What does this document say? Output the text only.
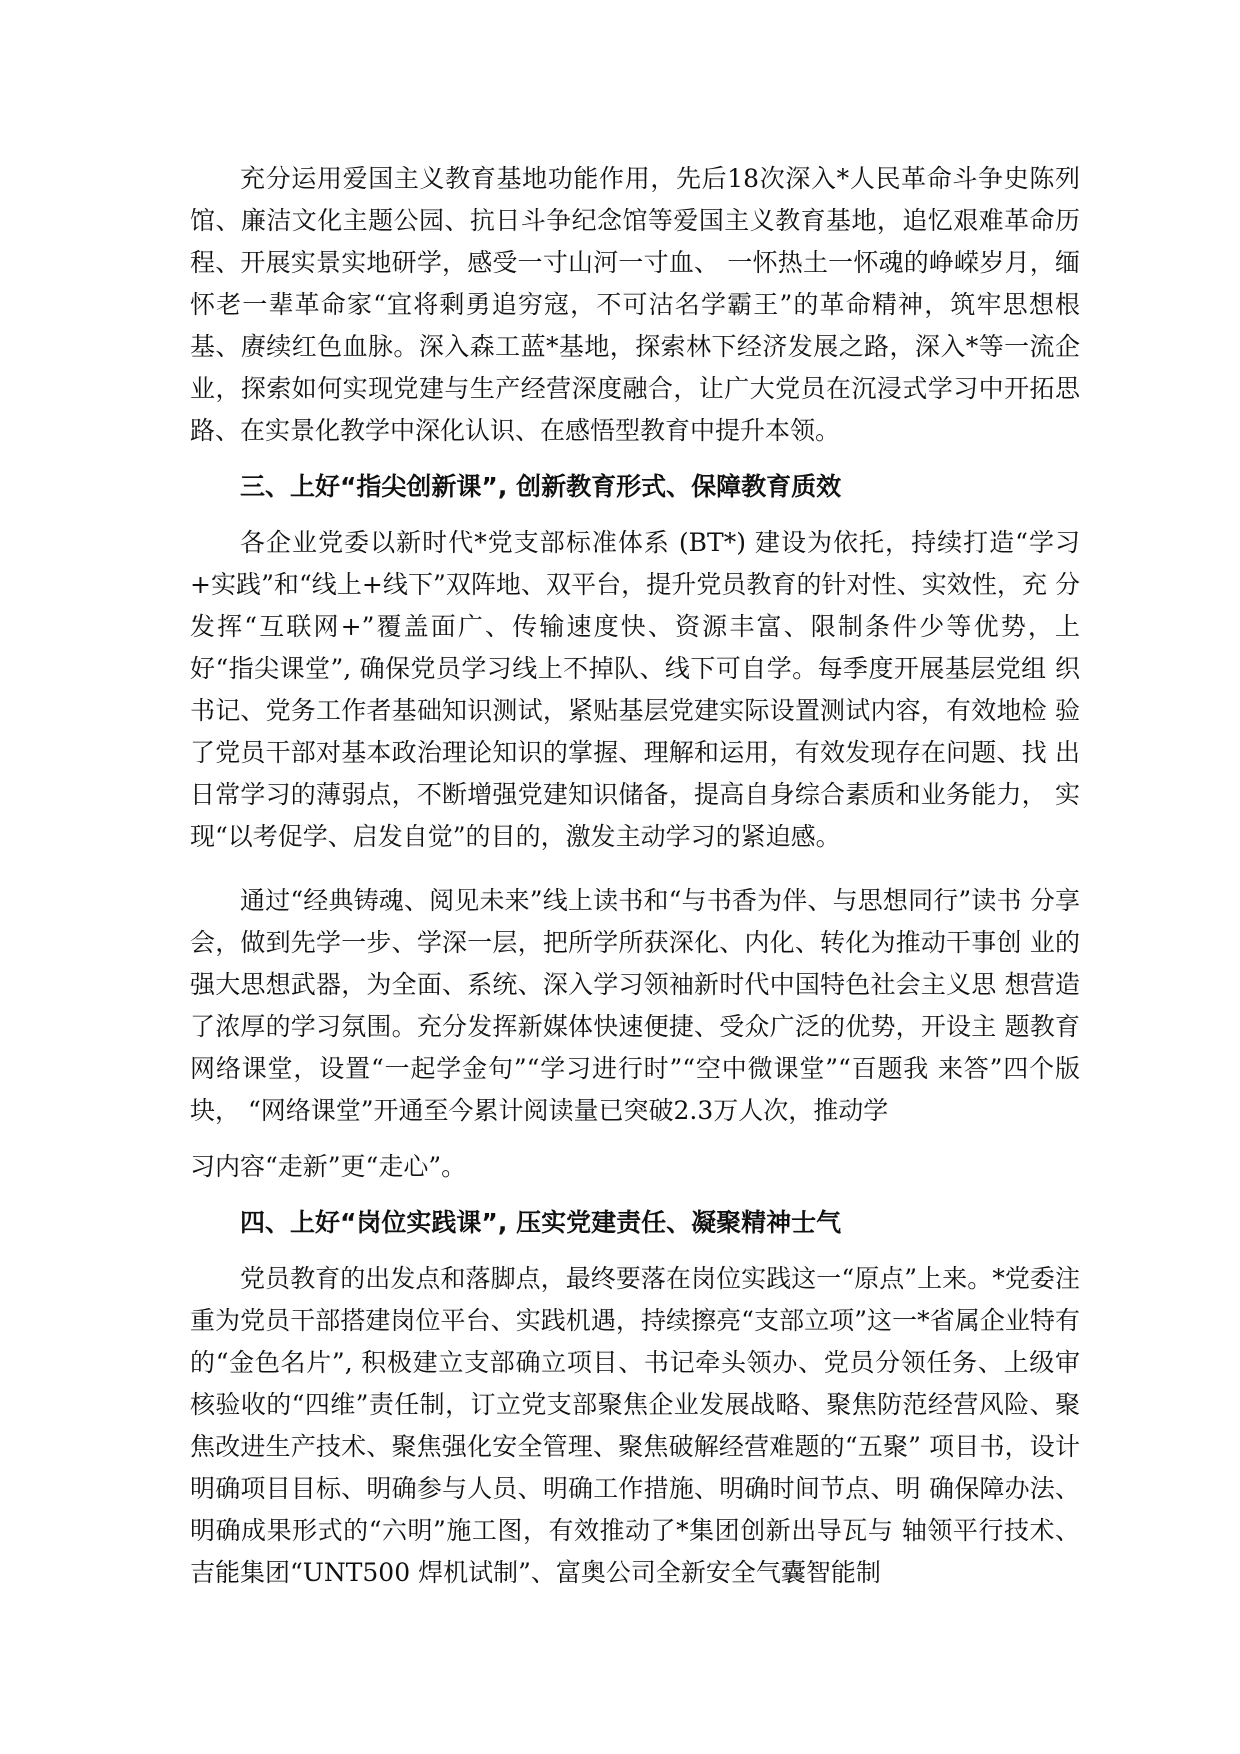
充分运用爱国主义教育基地功能作用，先后18次深入*人民革命斗争史陈列 馆、廉洁文化主题公园、抗日斗争纪念馆等爱国主义教育基地，追忆艰难革命历 程、开展实景实地研学，感受一寸山河一寸血、 一怀热土一怀魂的峥嵘岁月，缅 怀老一辈革命家“宜将剩勇追穷寇，不可沽名学霸王”的革命精神，筑牢思想根 基、赓续红色血脉。深入森工蓝*基地，探索林下经济发展之路，深入*等一流企 业，探索如何实现党建与生产经营深度融合，让广大党员在沉浸式学习中开拓思 路、在实景化教学中深化认识、在感悟型教育中提升本领。

三、上好“指尖创新课”, 创新教育形式、保障教育质效

各企业党委以新时代*党支部标准体系 (BT*) 建设为依托，持续打造“学习 +实践”和“线上+线下”双阵地、双平台，提升党员教育的针对性、实效性，充 分发挥“互联网+”覆盖面广、传输速度快、资源丰富、限制条件少等优势，上 好“指尖课堂”, 确保党员学习线上不掉队、线下可自学。每季度开展基层党组 织书记、党务工作者基础知识测试，紧贴基层党建实际设置测试内容，有效地检 验了党员干部对基本政治理论知识的掌握、理解和运用，有效发现存在问题、找 出日常学习的薄弱点，不断增强党建知识储备，提高自身综合素质和业务能力， 实现“以考促学、启发自觉”的目的，激发主动学习的紧迫感。

通过“经典铸魂、阅见未来”线上读书和“与书香为伴、与思想同行”读书 分享会，做到先学一步、学深一层，把所学所获深化、内化、转化为推动干事创 业的强大思想武器，为全面、系统、深入学习领袖新时代中国特色社会主义思 想营造了浓厚的学习氛围。充分发挥新媒体快速便捷、受众广泛的优势，开设主 题教育网络课堂，设置“一起学金句”“学习进行时”“空中微课堂”“百题我 来答”四个版块， “网络课堂”开通至今累计阅读量已突破2.3万人次，推动学

习内容“走新”更“走心”。

四、上好“岗位实践课”, 压实党建责任、凝聚精神士气

党员教育的出发点和落脚点，最终要落在岗位实践这一“原点”上来。*党委注重为党员干部搭建岗位平台、实践机遇，持续擦亮“支部立项”这一*省属企业特有的“金色名片”, 积极建立支部确立项目、书记牵头领办、党员分领任务、上级审核验收的“四维”责任制，订立党支部聚焦企业发展战略、聚焦防范经营风险、聚焦改进生产技术、聚焦强化安全管理、聚焦破解经营难题的“五聚” 项目书，设计明确项目目标、明确参与人员、明确工作措施、明确时间节点、明 确保障办法、明确成果形式的“六明”施工图，有效推动了*集团创新出导瓦与 轴领平行技术、吉能集团“UNT500 焊机试制”、富奥公司全新安全气囊智能制
